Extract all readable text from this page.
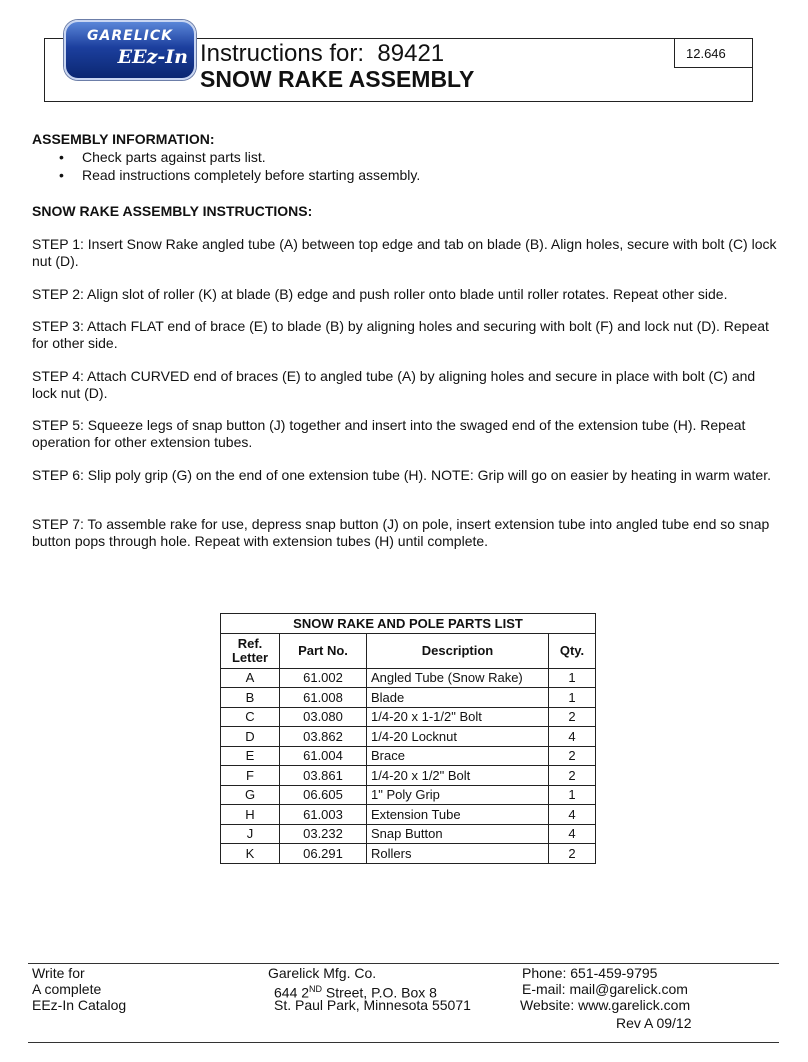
GARELICK
EEz-In Instructions for: 89421
SNOW RAKE ASSEMBLY
12.646
ASSEMBLY INFORMATION:
• Check parts against parts list.
• Read instructions completely before starting assembly.
SNOW RAKE ASSEMBLY INSTRUCTIONS:
STEP 1: Insert Snow Rake angled tube (A) between top edge and tab on blade (B). Align holes, secure with bolt (C) lock nut (D).
STEP 2: Align slot of roller (K) at blade (B) edge and push roller onto blade until roller rotates. Repeat other side.
STEP 3: Attach FLAT end of brace (E) to blade (B) by aligning holes and securing with bolt (F) and lock nut (D). Repeat for other side.
STEP 4: Attach CURVED end of braces (E) to angled tube (A) by aligning holes and secure in place with bolt (C) and lock nut (D).
STEP 5: Squeeze legs of snap button (J) together and insert into the swaged end of the extension tube (H). Repeat operation for other extension tubes.
STEP 6: Slip poly grip (G) on the end of one extension tube (H). NOTE: Grip will go on easier by heating in warm water.
STEP 7: To assemble rake for use, depress snap button (J) on pole, insert extension tube into angled tube end so snap button pops through hole. Repeat with extension tubes (H) until complete.
SNOW RAKE AND POLE PARTS LIST			
Ref.
Letter	Part No.	Description	Qty.
A	61.002	Angled Tube (Snow Rake)	1
B	61.008	Blade	1
C	03.080	1/4-20 x 1-1/2" Bolt	2
D	03.862	1/4-20 Locknut	4
E	61.004	Brace	2
F	03.861	1/4-20 x 1/2" Bolt	2
G	06.605	1" Poly Grip	1
H	61.003	Extension Tube	4
J	03.232	Snap Button	4
K	06.291	Rollers	2
Write for
A complete
EEz-In Catalog
Garelick Mfg. Co.
644 2ND Street, P.O. Box 8
St. Paul Park, Minnesota 55071
Phone: 651-459-9795
E-mail: mail@garelick.com
Website: www.garelick.com
Rev A 09/12
